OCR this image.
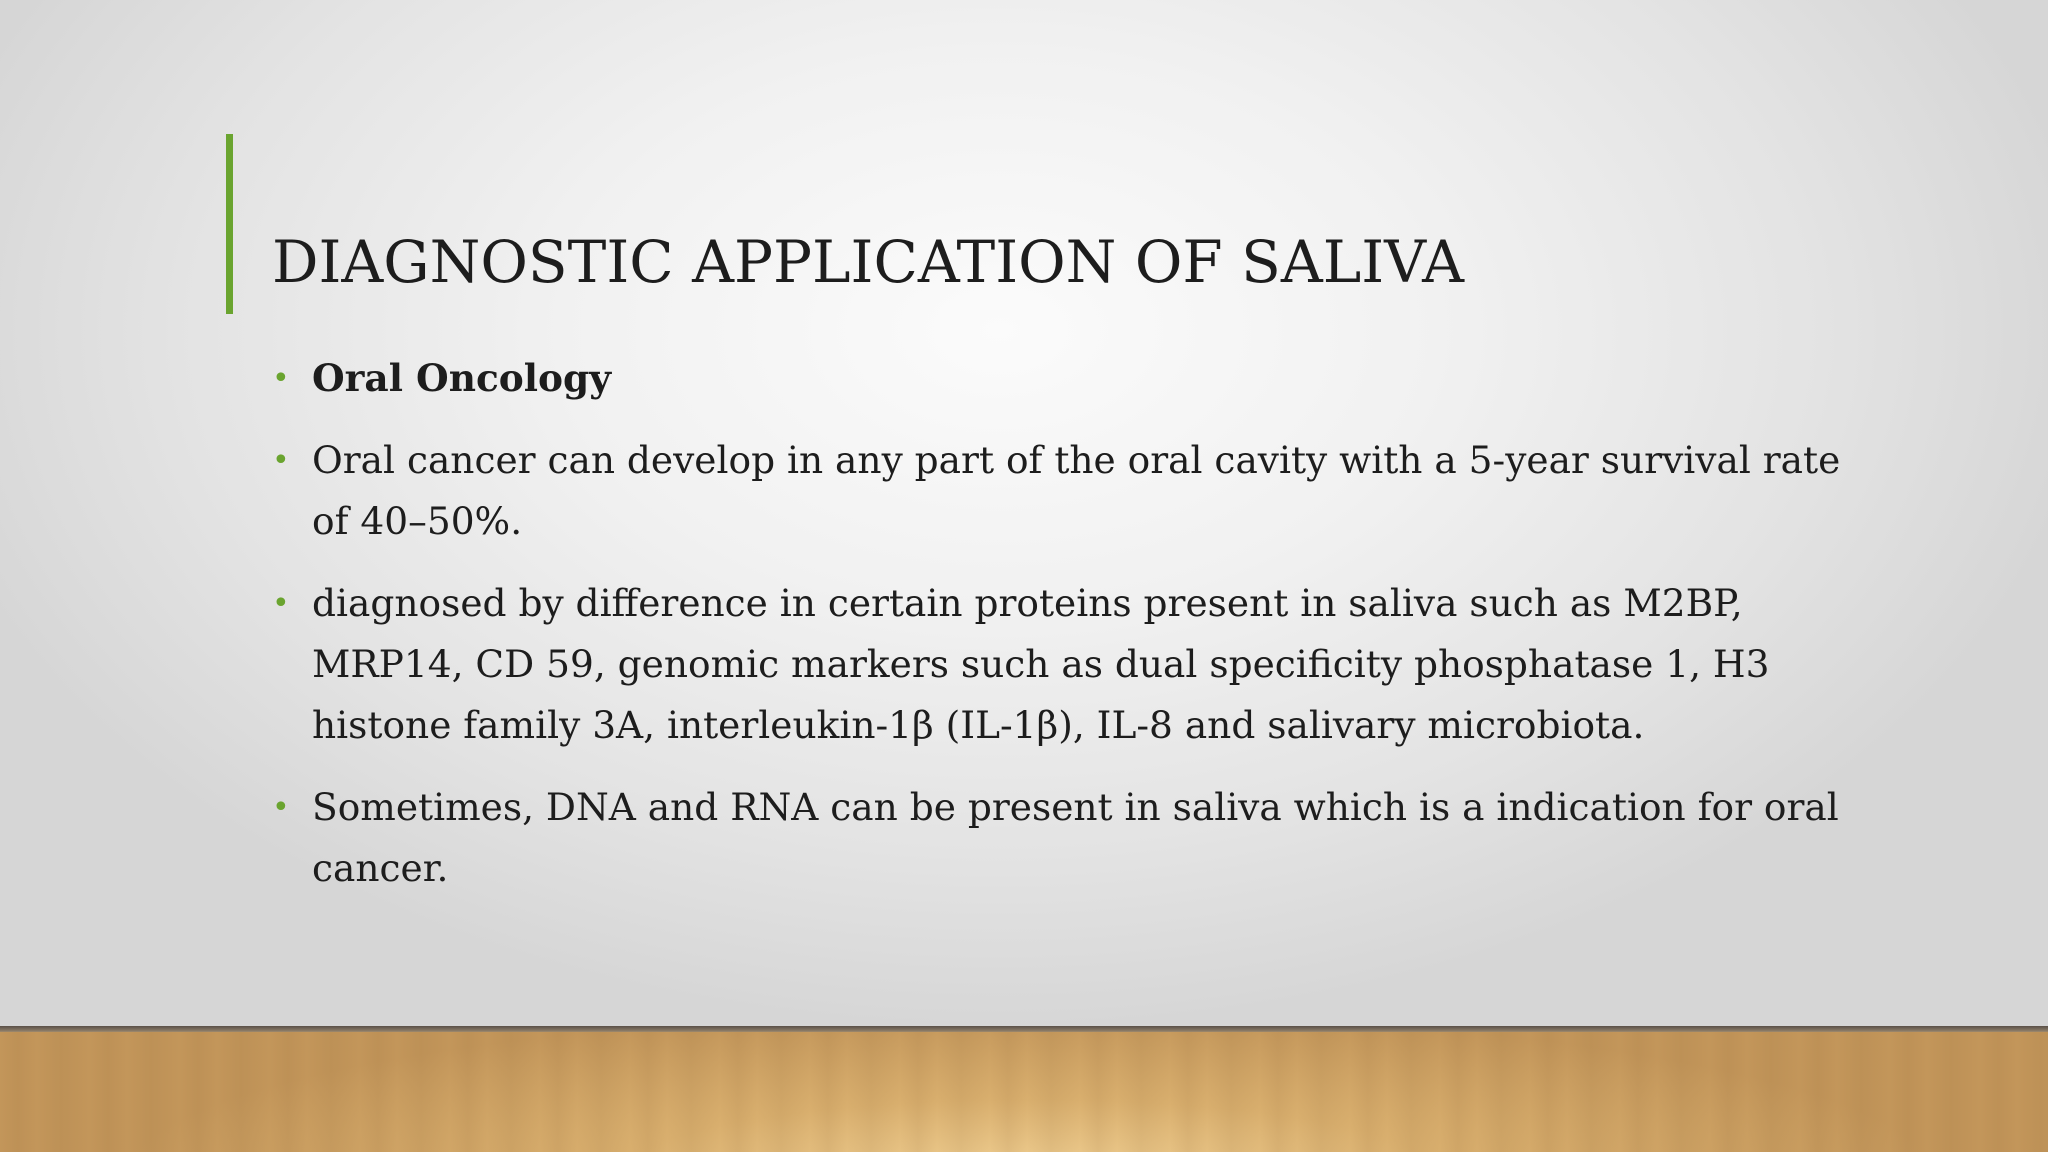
DIAGNOSTIC APPLICATION OF SALIVA
• Oral Oncology
• Oral cancer can develop in any part of the oral cavity with a 5-year survival rate of 40–50%.
• diagnosed by difference in certain proteins present in saliva such as M2BP, MRP14, CD 59, genomic markers such as dual specificity phosphatase 1, H3 histone family 3A, interleukin-1β (IL-1β), IL-8 and salivary microbiota.
• Sometimes, DNA and RNA can be present in saliva which is a indication for oral cancer.
